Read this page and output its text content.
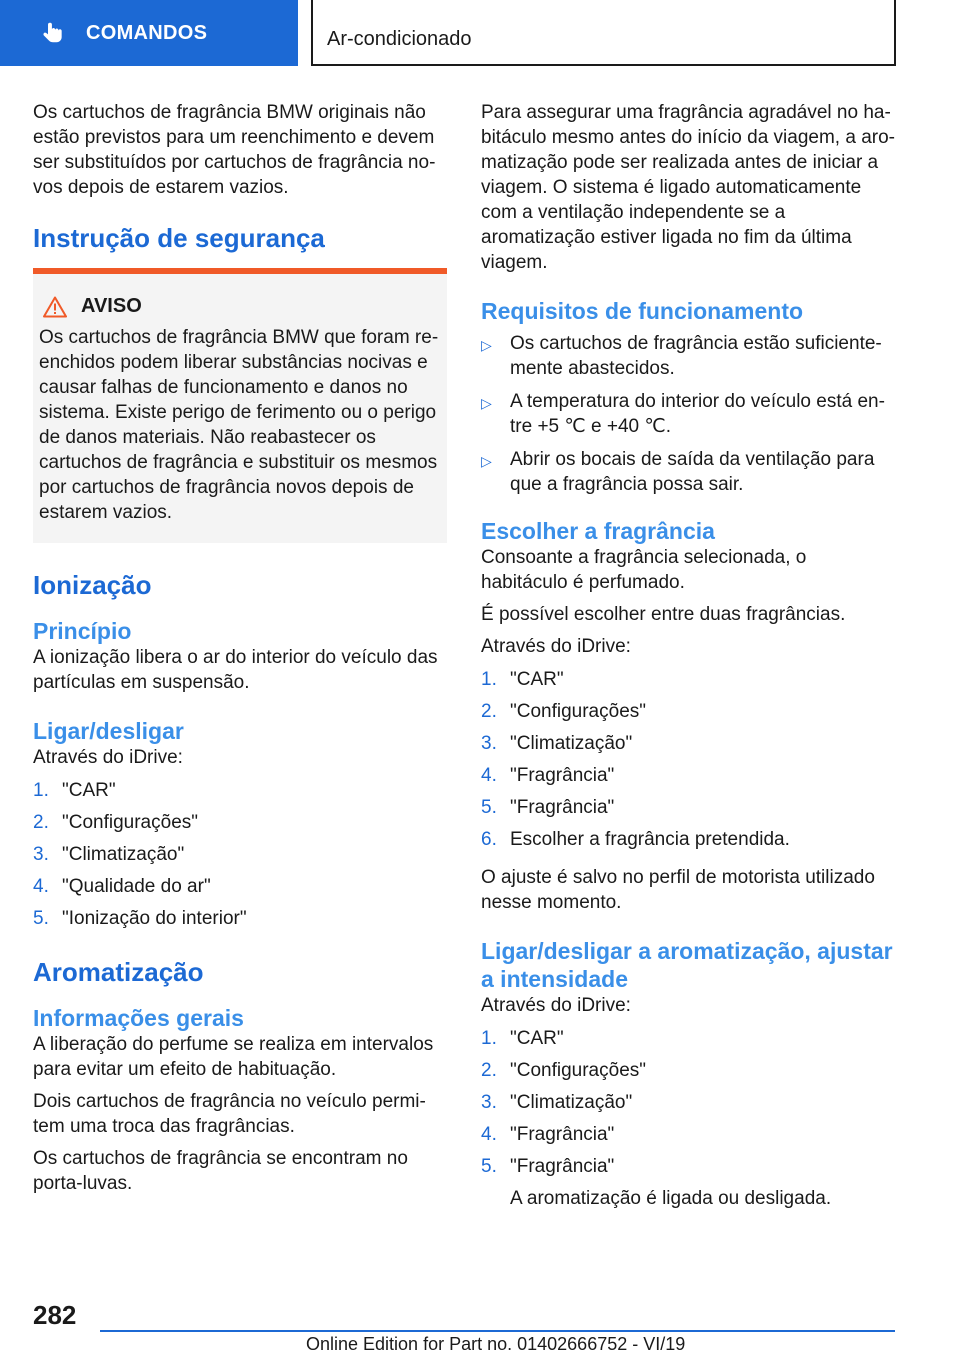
COMANDOS	Ar-condicionado

Os cartuchos de fragrância BMW originais não estão previstos para um reenchimento e devem ser substituídos por cartuchos de fragrância novos depois de estarem vazios.

Instrução de segurança
AVISO

Os cartuchos de fragrância BMW que foram reenchidos podem liberar substâncias nocivas e causar falhas de funcionamento e danos no sistema. Existe perigo de ferimento ou o perigo de danos materiais. Não reabastecer os cartuchos de fragrância e substituir os mesmos por cartuchos de fragrância novos depois de estarem vazios.

Ionização
Princípio

A ionização libera o ar do interior do veículo das partículas em suspensão.

Ligar/desligar

Através do iDrive:

1 . "CAR"
2 . "Configurações"
3 . "Climatização"
4 . "Qualidade do ar"
5 . "Ionização do interior"
Aromatização
Informações gerais

A liberação do perfume se realiza em intervalos para evitar um efeito de habituação.

Dois cartuchos de fragrância no veículo permitem uma troca das fragrâncias.

Os cartuchos de fragrância se encontram no porta-luvas.

Para assegurar uma fragrância agradável no habitáculo mesmo antes do início da viagem, a aromatização pode ser realizada antes de iniciar a viagem. O sistema é ligado automaticamente com a ventilação independente se a aromatização estiver ligada no fim da última viagem.

Requisitos de funcionamento
▷ Os cartuchos de fragrância estão suficientemente abastecidos.
▷ A temperatura do interior do veículo está entre +5 ℃ e +40 ℃.
▷ Abrir os bocais de saída da ventilação para que a fragrância possa sair.
Escolher a fragrância

Consoante a fragrância selecionada, o habitáculo é perfumado.

É possível escolher entre duas fragrâncias.

Através do iDrive:

1 . "CAR"
2 . "Configurações"
3 . "Climatização"
4 . "Fragrância"
5 . "Fragrância"
6 . Escolher a fragrância pretendida.

O ajuste é salvo no perfil de motorista utilizado nesse momento.

Ligar/desligar a aromatização, ajustar a intensidade

Através do iDrive:

1 . "CAR"
2 . "Configurações"
3 . "Climatização"
4 . "Fragrância"
5 . "Fragrância"

A aromatização é ligada ou desligada.

282
Online Edition for Part no. 01402666752 - VI/19
